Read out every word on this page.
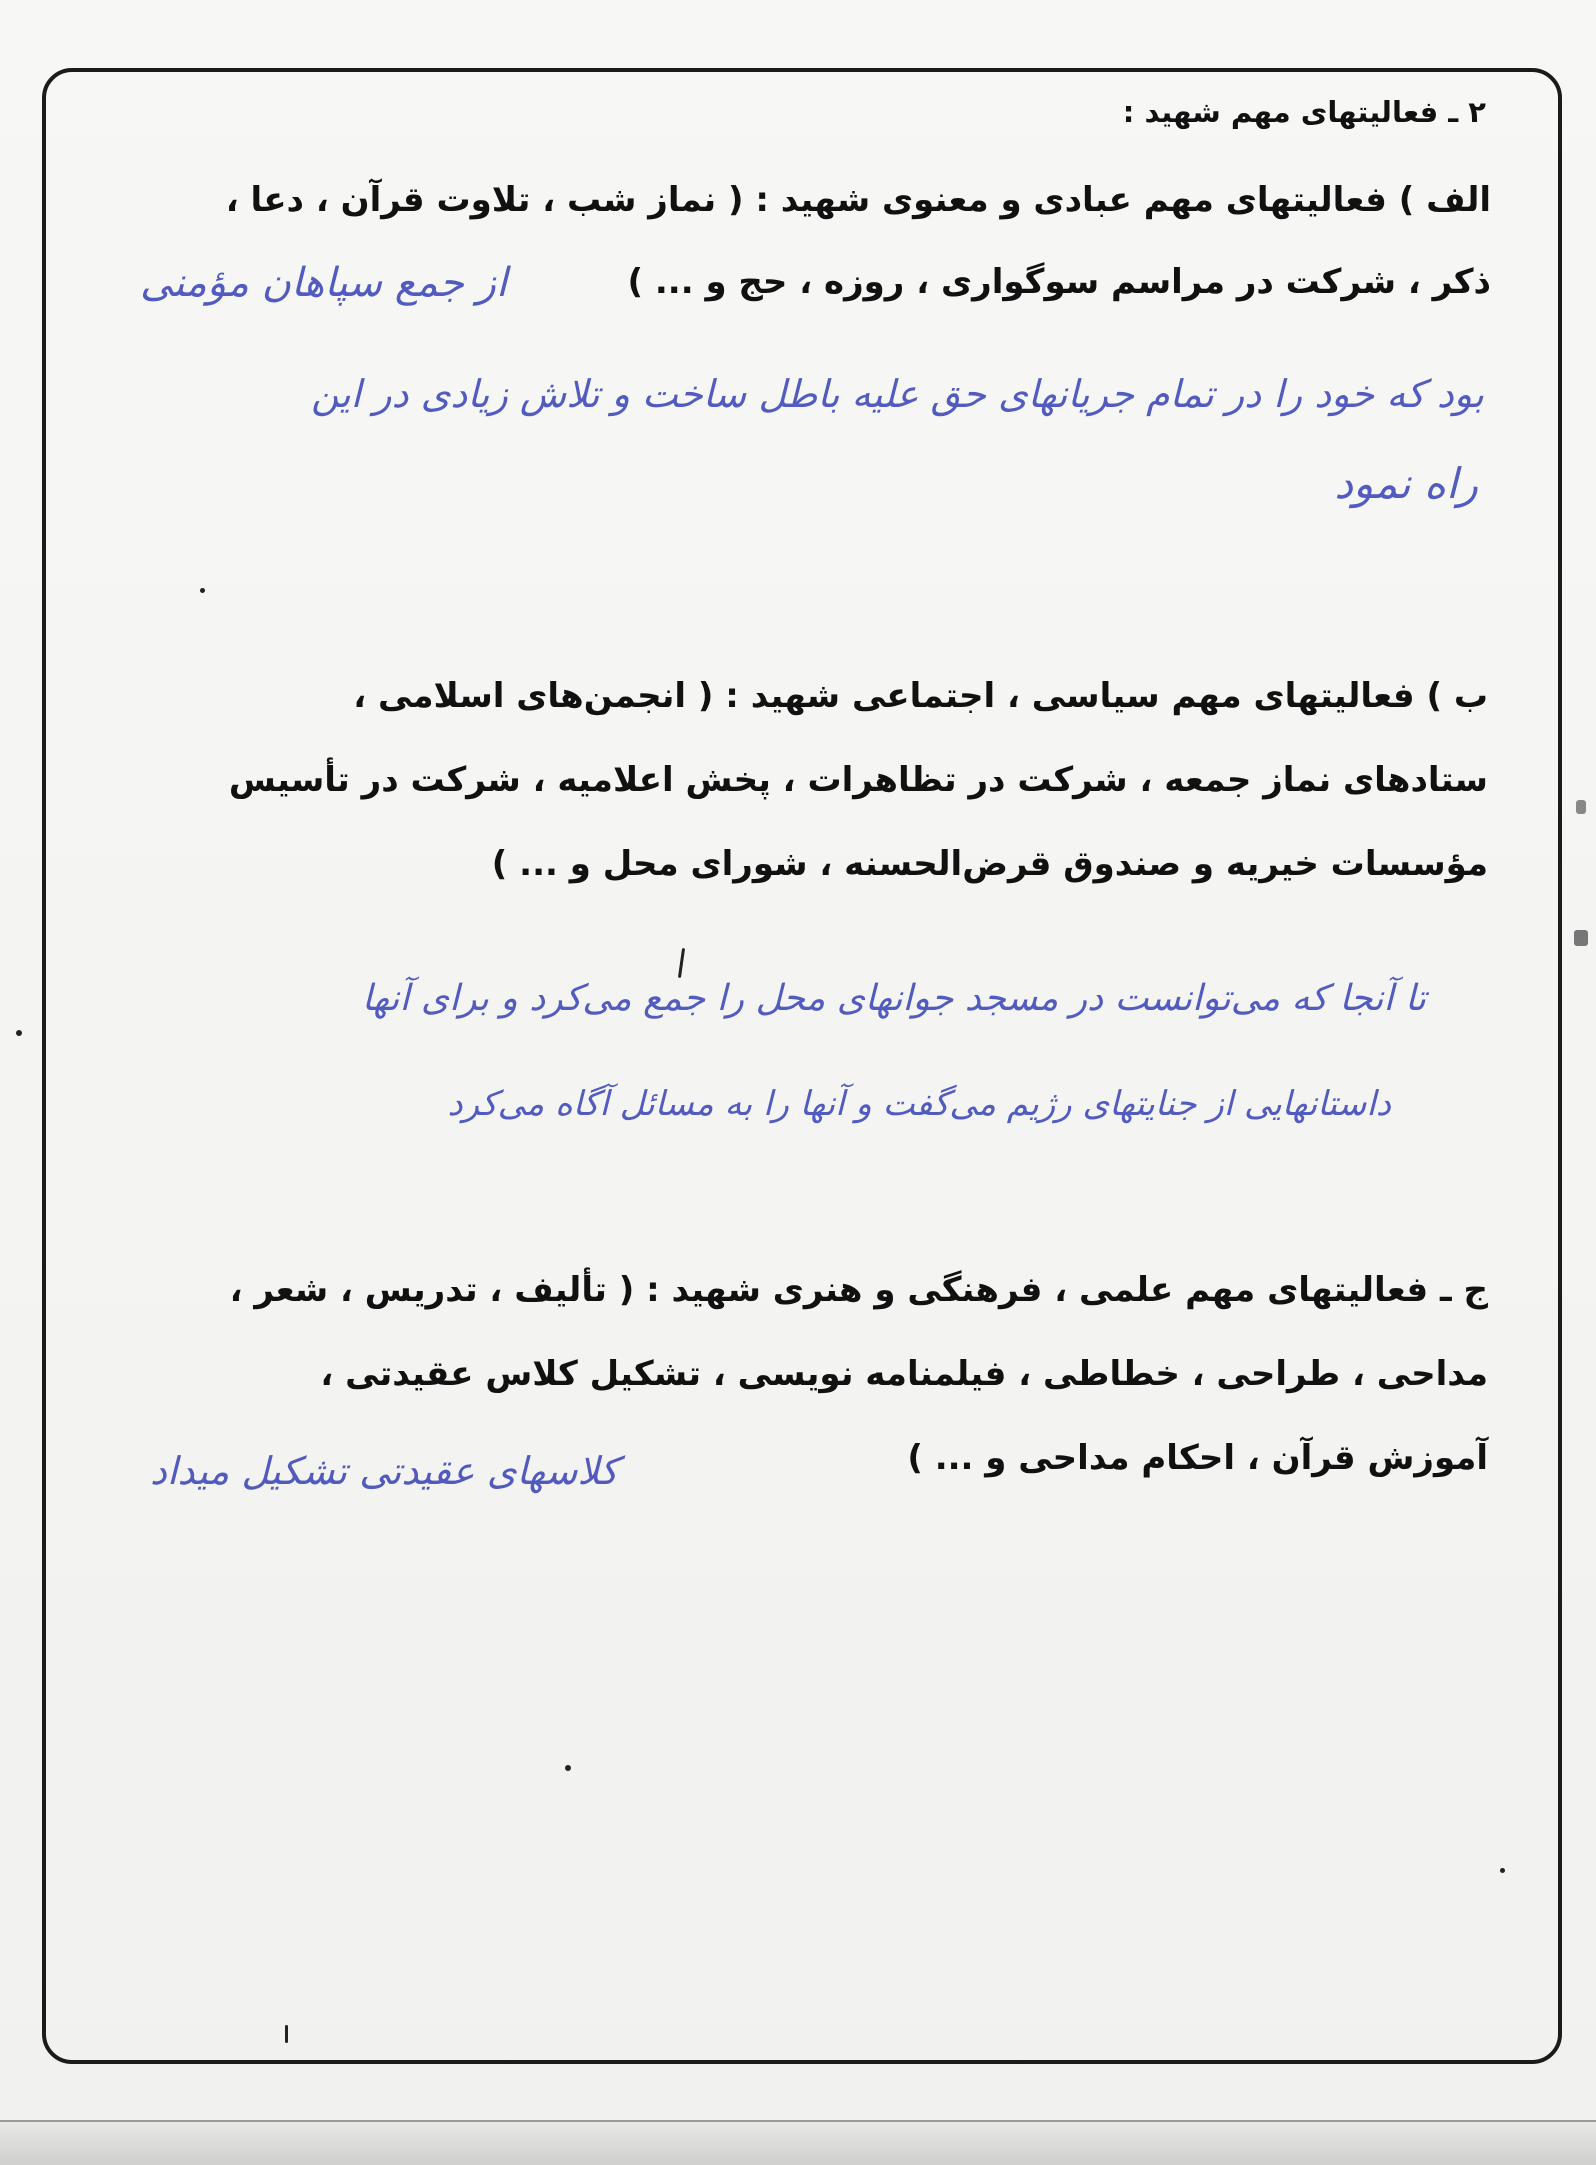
۲ ـ فعالیتهای مهم شهید :
الف ) فعالیتهای مهم عبادی و معنوی شهید : ( نماز شب ، تلاوت قرآن ، دعا ،
ذکر ، شرکت در مراسم سوگواری ، روزه ، حج و ... )
از جمع سپاهان مؤمنی
بود که خود را در تمام جریانهای حق علیه باطل ساخت و تلاش زیادی در این
راه نمود
ب ) فعالیتهای مهم سیاسی ، اجتماعی شهید : ( انجمن‌های اسلامی ،
ستادهای نماز جمعه ، شرکت در تظاهرات ، پخش اعلامیه ، شرکت در تأسیس
مؤسسات خیریه و صندوق قرض‌الحسنه ، شورای محل و ... )
تا آنجا که می‌توانست در مسجد جوانهای محل را جمع می‌کرد و برای آنها
داستانهایی از جنایتهای رژیم می‌گفت و آنها را به مسائل آگاه می‌کرد
ج ـ فعالیتهای مهم علمی ، فرهنگی و هنری شهید : ( تألیف ، تدریس ، شعر ،
مداحی ، طراحی ، خطاطی ، فیلمنامه نویسی ، تشکیل کلاس عقیدتی ،
آموزش قرآن ، احکام مداحی و ... )
کلاسهای عقیدتی تشکیل میداد
